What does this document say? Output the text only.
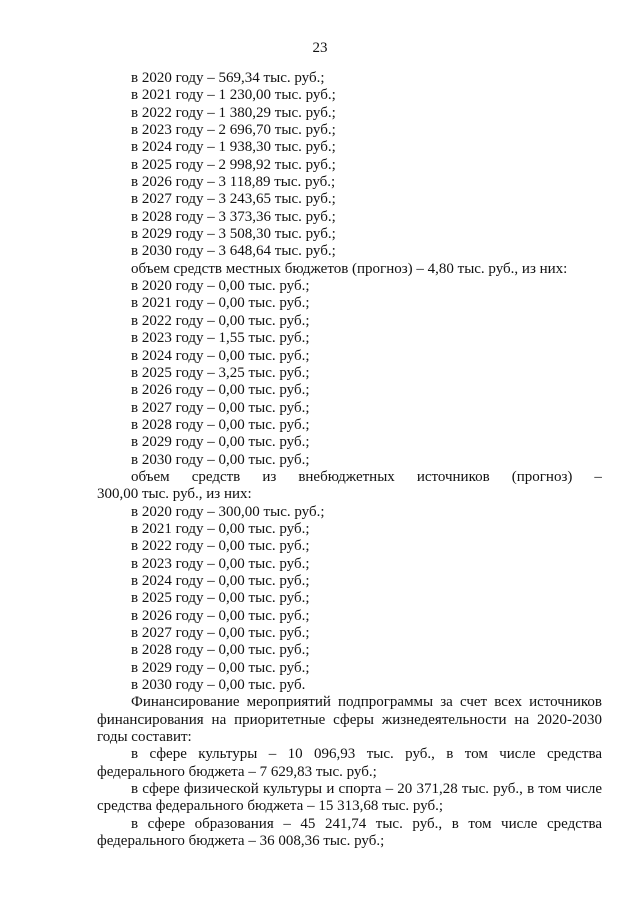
23

в 2020 году – 569,34 тыс. руб.;

в 2021 году – 1 230,00 тыс. руб.;

в 2022 году – 1 380,29 тыс. руб.;

в 2023 году – 2 696,70 тыс. руб.;

в 2024 году – 1 938,30 тыс. руб.;

в 2025 году – 2 998,92 тыс. руб.;

в 2026 году – 3 118,89 тыс. руб.;

в 2027 году – 3 243,65 тыс. руб.;

в 2028 году – 3 373,36 тыс. руб.;

в 2029 году – 3 508,30 тыс. руб.;

в 2030 году – 3 648,64 тыс. руб.;

объем средств местных бюджетов (прогноз) – 4,80 тыс. руб., из них:

в 2020 году – 0,00 тыс. руб.;

в 2021 году – 0,00 тыс. руб.;

в 2022 году – 0,00 тыс. руб.;

в 2023 году – 1,55 тыс. руб.;

в 2024 году – 0,00 тыс. руб.;

в 2025 году – 3,25 тыс. руб.;

в 2026 году – 0,00 тыс. руб.;

в 2027 году – 0,00 тыс. руб.;

в 2028 году – 0,00 тыс. руб.;

в 2029 году – 0,00 тыс. руб.;

в 2030 году – 0,00 тыс. руб.;

объем средств из внебюджетных источников (прогноз) –

300,00 тыс. руб., из них:

в 2020 году – 300,00 тыс. руб.;

в 2021 году – 0,00 тыс. руб.;

в 2022 году – 0,00 тыс. руб.;

в 2023 году – 0,00 тыс. руб.;

в 2024 году – 0,00 тыс. руб.;

в 2025 году – 0,00 тыс. руб.;

в 2026 году – 0,00 тыс. руб.;

в 2027 году – 0,00 тыс. руб.;

в 2028 году – 0,00 тыс. руб.;

в 2029 году – 0,00 тыс. руб.;

в 2030 году – 0,00 тыс. руб.

Финансирование мероприятий подпрограммы за счет всех источников финансирования на приоритетные сферы жизнедеятельности на 2020-2030 годы составит:

в сфере культуры – 10 096,93 тыс. руб., в том числе средства федерального бюджета – 7 629,83 тыс. руб.;

в сфере физической культуры и спорта – 20 371,28 тыс. руб., в том числе средства федерального бюджета – 15 313,68 тыс. руб.;

в сфере образования – 45 241,74 тыс. руб., в том числе средства федерального бюджета – 36 008,36 тыс. руб.;
